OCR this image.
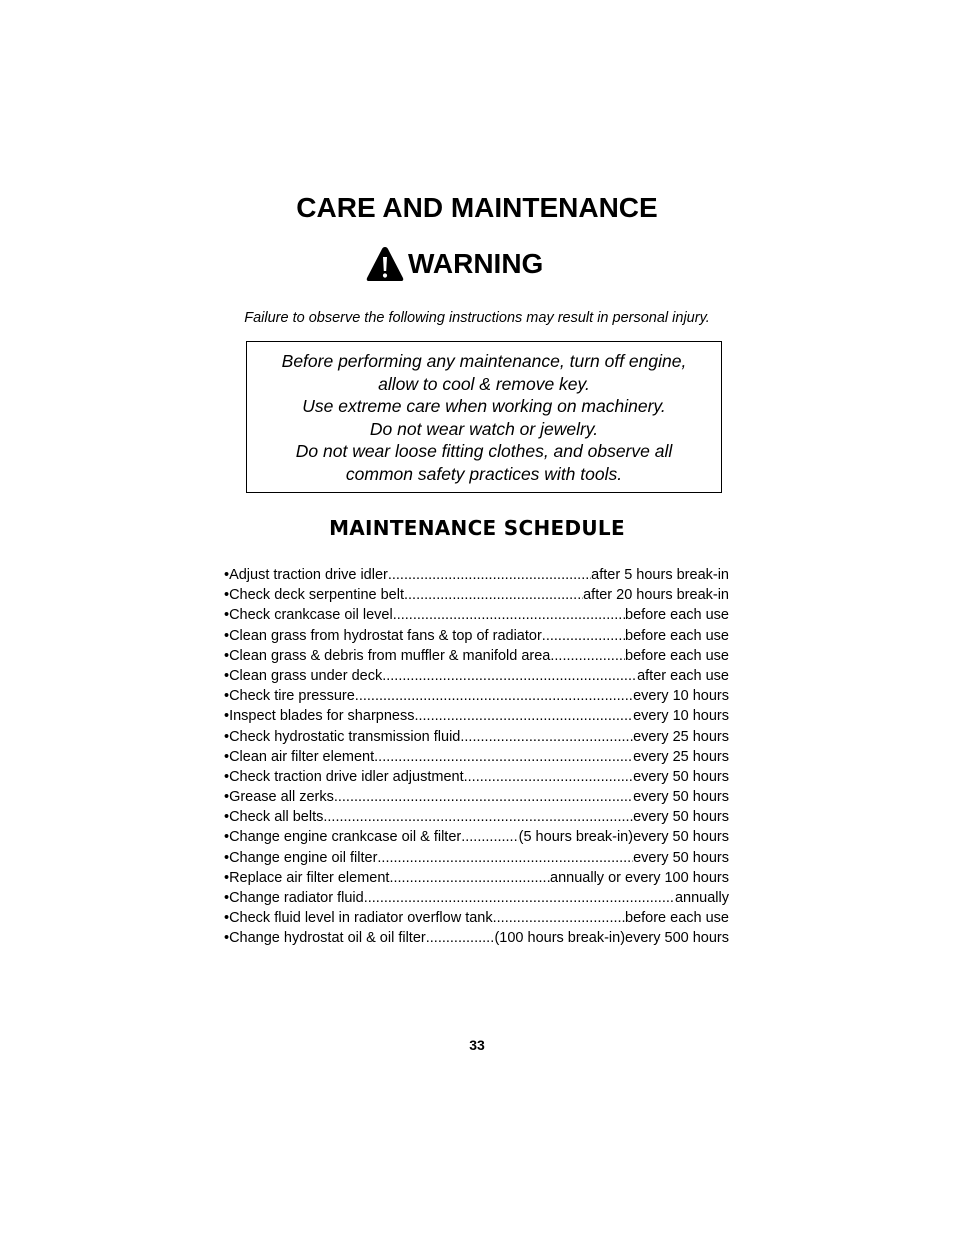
CARE AND MAINTENANCE
WARNING
Failure to observe the following instructions may result in personal injury.
Before performing any maintenance, turn off engine,
allow to cool & remove key.
Use extreme care when working on machinery.
Do not wear watch or jewelry.
Do not wear loose fitting clothes, and observe all
common safety practices with tools.
MAINTENANCE SCHEDULE
•Adjust traction drive idler .....	after 5 hours break-in
•Check deck serpentine belt .....	after 20 hours break-in
•Check crankcase oil level .....	before each use
•Clean grass from hydrostat fans & top of radiator .....	before each use
•Clean grass & debris from muffler & manifold area .....	before each use
•Clean grass under deck .....	after each use
•Check tire pressure .....	every 10 hours
•Inspect blades for sharpness .....	every 10 hours
•Check hydrostatic transmission fluid .....	every 25 hours
•Clean air filter element .....	every 25 hours
•Check traction drive idler adjustment .....	every 50 hours
•Grease all zerks .....	every 50 hours
•Check all belts .....	every 50 hours
•Change engine crankcase oil & filter .....	(5 hours break-in)every 50 hours
•Change engine oil filter .....	every 50 hours
•Replace air filter element .....	annually or every 100 hours
•Change radiator fluid .....	annually
•Check fluid level in radiator overflow tank .....	before each use
•Change hydrostat oil & oil filter .....	(100 hours break-in)every 500 hours
33
